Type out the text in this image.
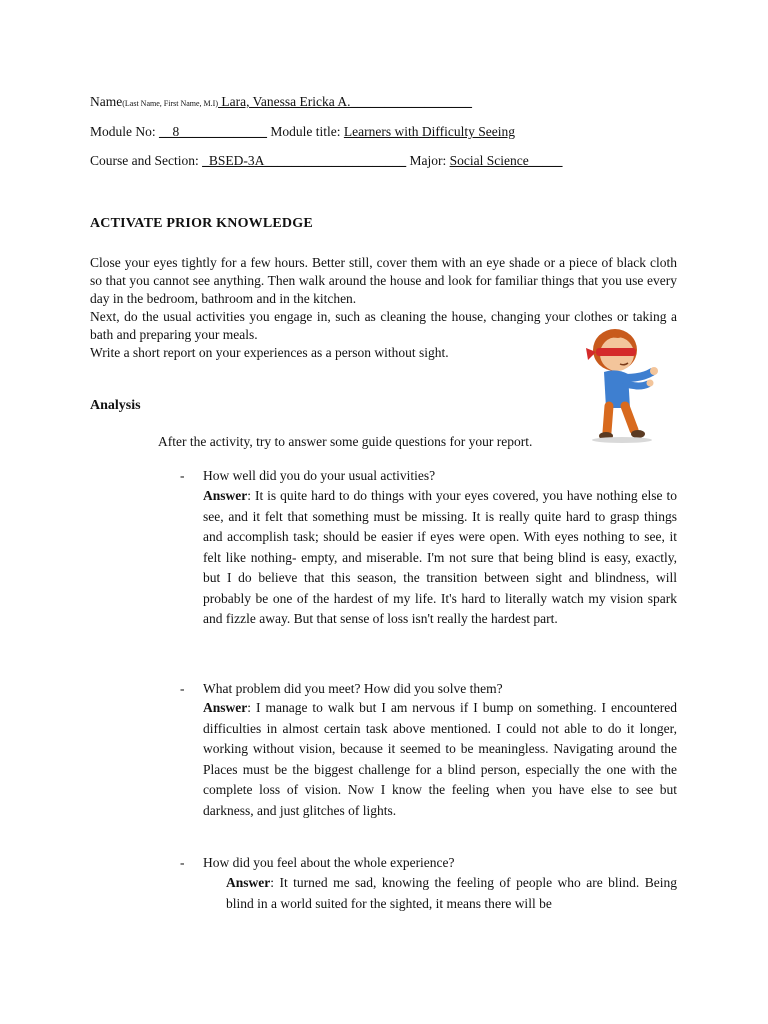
Name(Last Name, First Name, M.I) Lara, Vanessa Ericka A.__________________
Module No: __8_____________ Module title: Learners with Difficulty Seeing
Course and Section: _BSED-3A_____________________ Major: Social Science_____
ACTIVATE PRIOR KNOWLEDGE

Close your eyes tightly for a few hours. Better still, cover them with an eye shade or a piece of black cloth so that you cannot see anything. Then walk around the house and look for familiar things that you use every day in the bedroom, bathroom and in the kitchen.

Next, do the usual activities you engage in, such as cleaning the house, changing your clothes or taking a bath and preparing your meals.

Write a short report on your experiences as a person without sight.

Analysis
After the activity, try to answer some guide questions for your report.
- How well did you do your usual activities?
Answer: It is quite hard to do things with your eyes covered, you have nothing else to see, and it felt that something must be missing. It is really quite hard to grasp things and accomplish task; should be easier if eyes were open. With eyes nothing to see, it felt like nothing- empty, and miserable. I'm not sure that being blind is easy, exactly, but I do believe that this season, the transition between sight and blindness, will probably be one of the hardest of my life. It's hard to literally watch my vision spark and fizzle away. But that sense of loss isn't really the hardest part.
- What problem did you meet? How did you solve them?
Answer: I manage to walk but I am nervous if I bump on something. I encountered difficulties in almost certain task above mentioned. I could not able to do it longer, working without vision, because it seemed to be meaningless. Navigating around the Places must be the biggest challenge for a blind person, especially the one with the complete loss of vision. Now I know the feeling when you have else to see but darkness, and just glitches of lights.
- How did you feel about the whole experience?
Answer: It turned me sad, knowing the feeling of people who are blind. Being blind in a world suited for the sighted, it means there will be
